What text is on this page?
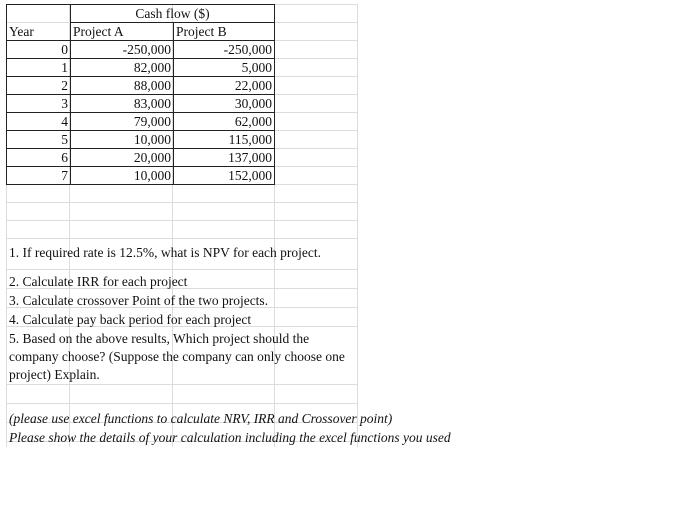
	Cash flow ($)	
Year	Project A	Project B
0	-250,000	-250,000
1	82,000	5,000
2	88,000	22,000
3	83,000	30,000
4	79,000	62,000
5	10,000	115,000
6	20,000	137,000
7	10,000	152,000
1. If required rate is 12.5%, what is NPV for each project.
2. Calculate IRR for each project
3. Calculate crossover Point of the two projects.
4. Calculate pay back period for each project
5. Based on the above results, Which project should the company choose? (Suppose the company can only choose one project) Explain.
(please use excel functions to calculate NRV, IRR and Crossover point)
Please show the details of your calculation including the excel functions you used
